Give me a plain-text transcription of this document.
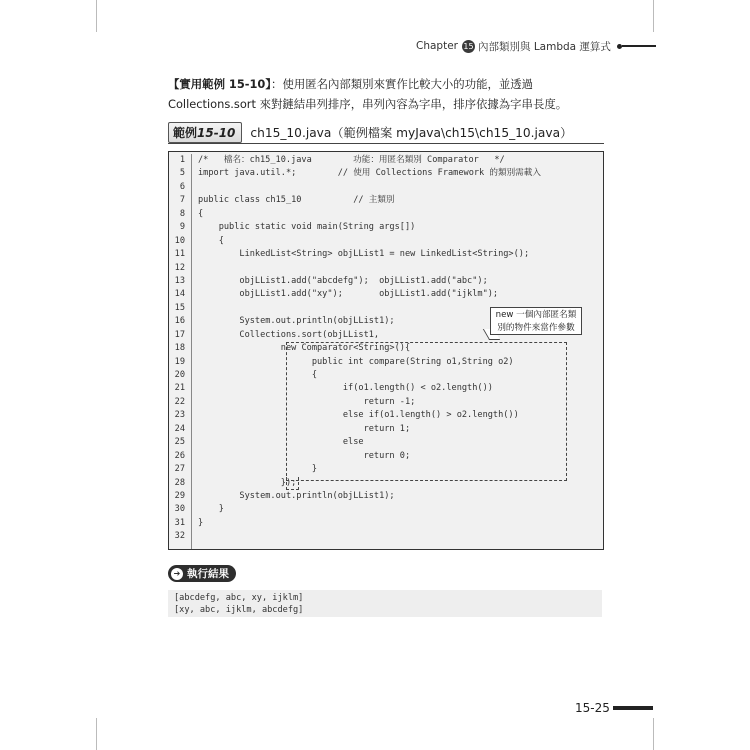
Chapter 15 內部類別與 Lambda 運算式
【實用範例 15-10】：使用匿名內部類別來實作比較大小的功能，並透過 Collections.sort 來對鏈結串列排序，串列內容為字串，排序依據為字串長度。
範例15-10	ch15_10.java（範例檔案 myJava\ch15\ch15_10.java）
1
5
6
7
8
9
10
11
12
13
14
15
16
17
18
19
20
21
22
23
24
25
26
27
28
29
30
31
32
/*   檔名：ch15_10.java        功能：用匿名類別 Comparator   */
import java.util.*;        // 使用 Collections Framework 的類別需載入
public class ch15_10          // 主類別
{
public static void main(String args[])
{
LinkedList<String> objLList1 = new LinkedList<String>();
objLList1.add("abcdefg");  objLList1.add("abc");
objLList1.add("xy");       objLList1.add("ijklm");
System.out.println(objLList1);
Collections.sort(objLList1,
new Comparator<String>(){
public int compare(String o1,String o2)
{
if(o1.length() < o2.length())
return -1;
else if(o1.length() > o2.length())
return 1;
else
return 0;
}
});
System.out.println(objLList1);
}
}
new 一個內部匿名類
別的物件來當作參數
➔ 執行結果
[abcdefg, abc, xy, ijklm]
[xy, abc, ijklm, abcdefg]
15-25
